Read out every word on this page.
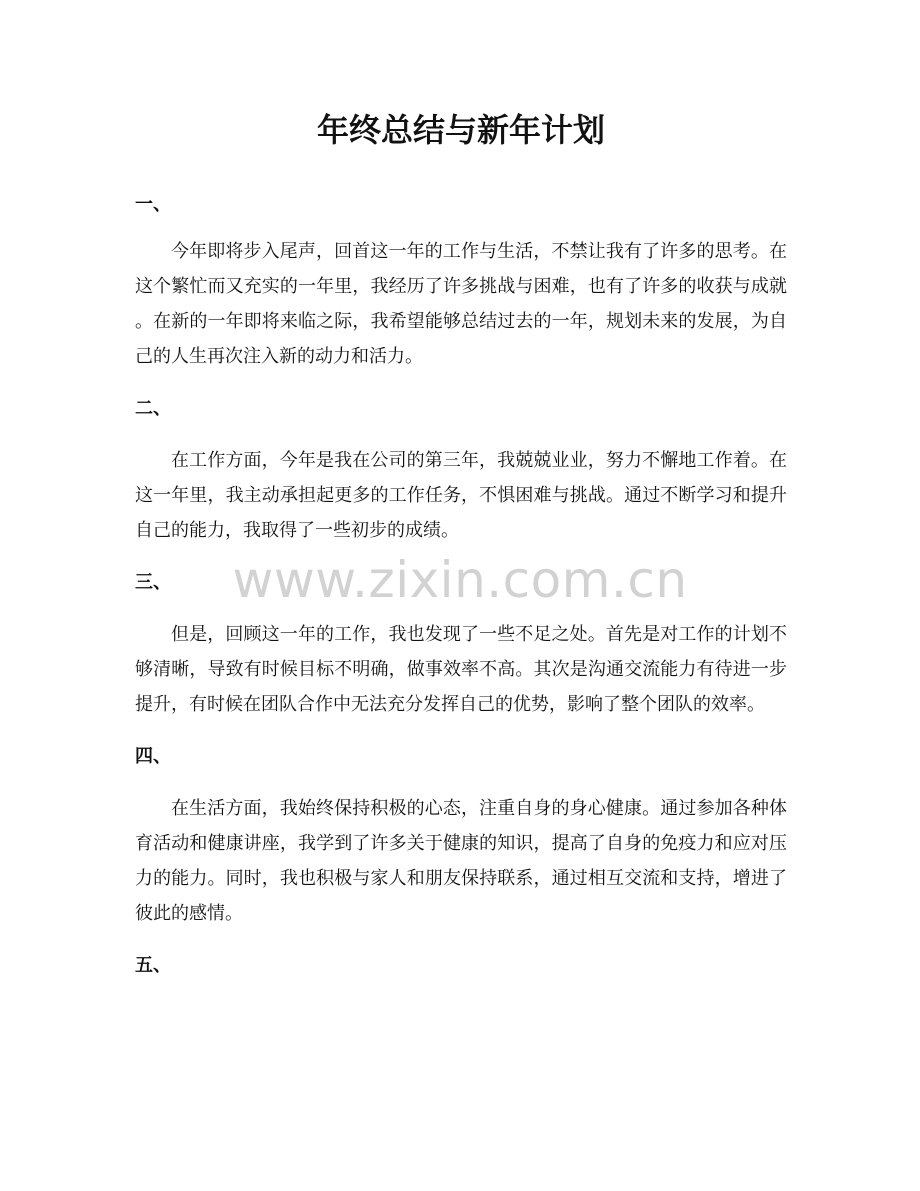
www.zixin.com.cn
年终总结与新年计划
一、

今年即将步入尾声，回首这一年的工作与生活，不禁让我有了许多的思考。在
这个繁忙而又充实的一年里，我经历了许多挑战与困难，也有了许多的收获与成就
。在新的一年即将来临之际，我希望能够总结过去的一年，规划未来的发展，为自
己的人生再次注入新的动力和活力。

二、

在工作方面，今年是我在公司的第三年，我兢兢业业，努力不懈地工作着。在
这一年里，我主动承担起更多的工作任务，不惧困难与挑战。通过不断学习和提升
自己的能力，我取得了一些初步的成绩。

三、

但是，回顾这一年的工作，我也发现了一些不足之处。首先是对工作的计划不
够清晰，导致有时候目标不明确，做事效率不高。其次是沟通交流能力有待进一步
提升，有时候在团队合作中无法充分发挥自己的优势，影响了整个团队的效率。

四、

在生活方面，我始终保持积极的心态，注重自身的身心健康。通过参加各种体
育活动和健康讲座，我学到了许多关于健康的知识，提高了自身的免疫力和应对压
力的能力。同时，我也积极与家人和朋友保持联系，通过相互交流和支持，增进了
彼此的感情。

五、
